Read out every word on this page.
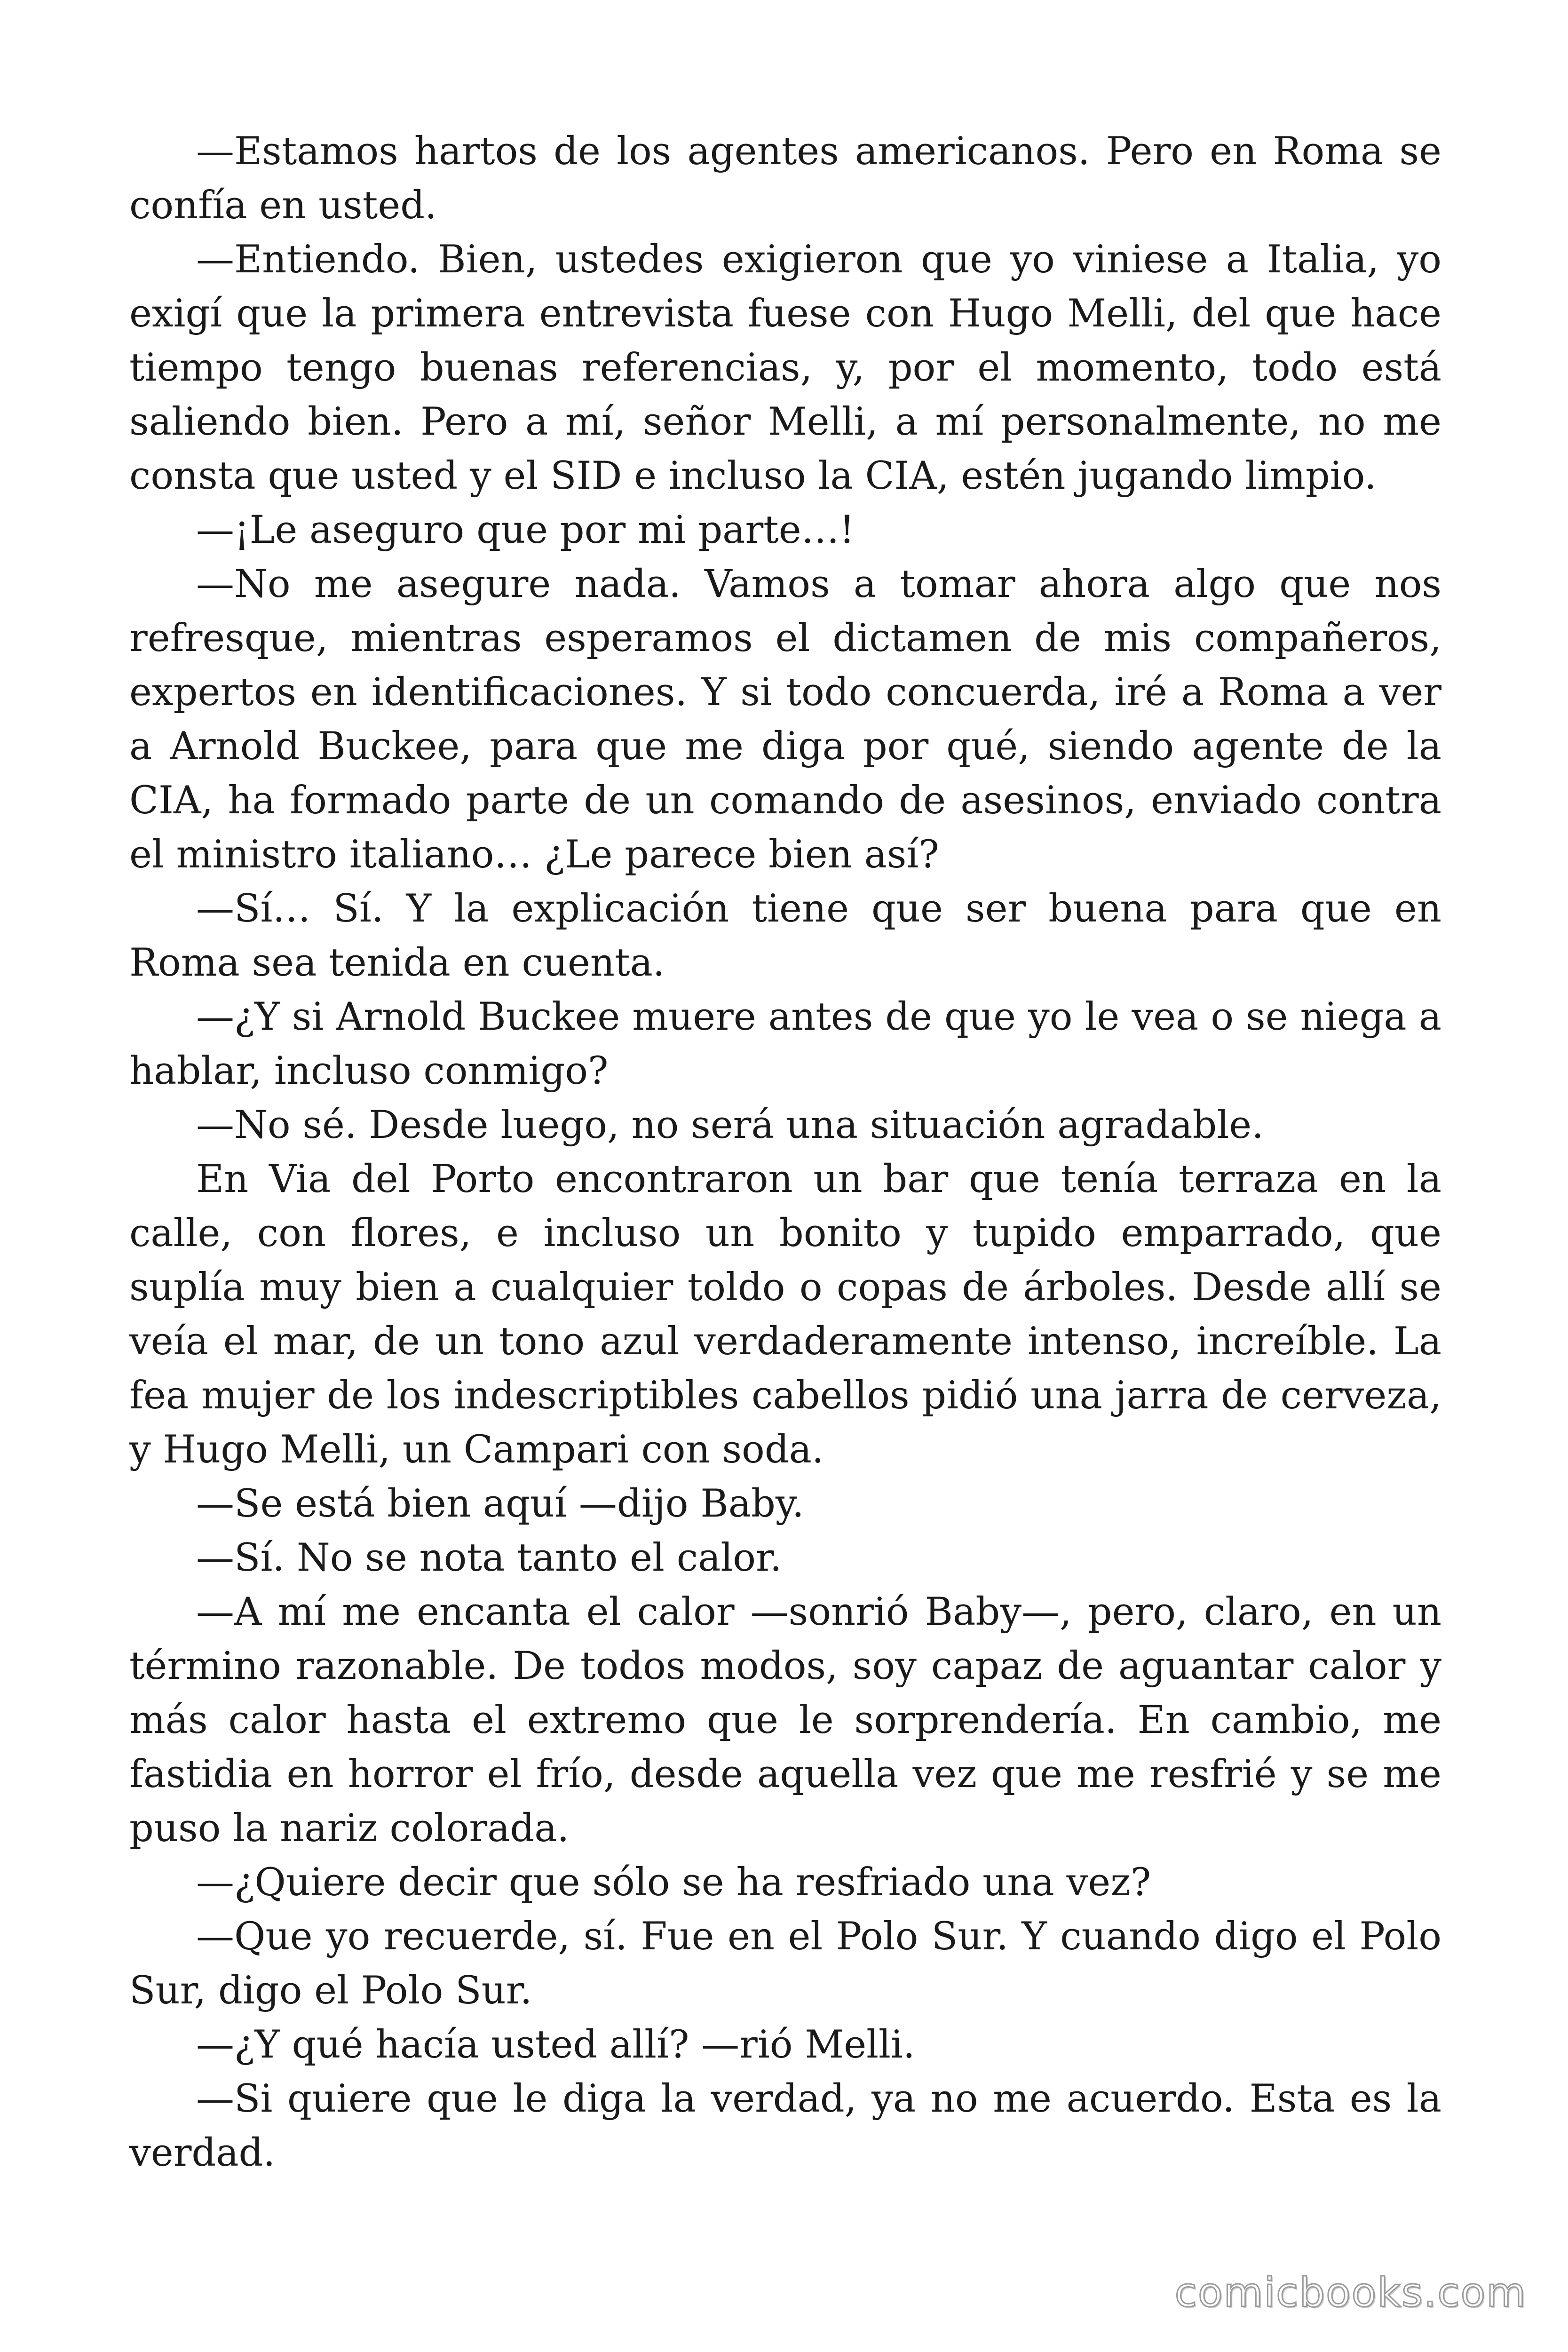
—Estamos hartos de los agentes americanos. Pero en Roma se confía en usted.

—Entiendo. Bien, ustedes exigieron que yo viniese a Italia, yo exigí que la primera entrevista fuese con Hugo Melli, del que hace tiempo tengo buenas referencias, y, por el momento, todo está saliendo bien. Pero a mí, señor Melli, a mí personalmente, no me consta que usted y el SID e incluso la CIA, estén jugando limpio.

—¡Le aseguro que por mi parte…!

—No me asegure nada. Vamos a tomar ahora algo que nos refresque, mientras esperamos el dictamen de mis compañeros, expertos en identificaciones. Y si todo concuerda, iré a Roma a ver a Arnold Buckee, para que me diga por qué, siendo agente de la CIA, ha formado parte de un comando de asesinos, enviado contra el ministro italiano… ¿Le parece bien así?

—Sí… Sí. Y la explicación tiene que ser buena para que en Roma sea tenida en cuenta.

—¿Y si Arnold Buckee muere antes de que yo le vea o se niega a hablar, incluso conmigo?

—No sé. Desde luego, no será una situación agradable.

En Via del Porto encontraron un bar que tenía terraza en la calle, con flores, e incluso un bonito y tupido emparrado, que suplía muy bien a cualquier toldo o copas de árboles. Desde allí se veía el mar, de un tono azul verdaderamente intenso, increíble. La fea mujer de los indescriptibles cabellos pidió una jarra de cerveza, y Hugo Melli, un Campari con soda.

—Se está bien aquí —dijo Baby.

—Sí. No se nota tanto el calor.

—A mí me encanta el calor —sonrió Baby—, pero, claro, en un término razonable. De todos modos, soy capaz de aguantar calor y más calor hasta el extremo que le sorprendería. En cambio, me fastidia en horror el frío, desde aquella vez que me resfrié y se me puso la nariz colorada.

—¿Quiere decir que sólo se ha resfriado una vez?

—Que yo recuerde, sí. Fue en el Polo Sur. Y cuando digo el Polo Sur, digo el Polo Sur.

—¿Y qué hacía usted allí? —rió Melli.

—Si quiere que le diga la verdad, ya no me acuerdo. Esta es la verdad.

comicbooks.com
